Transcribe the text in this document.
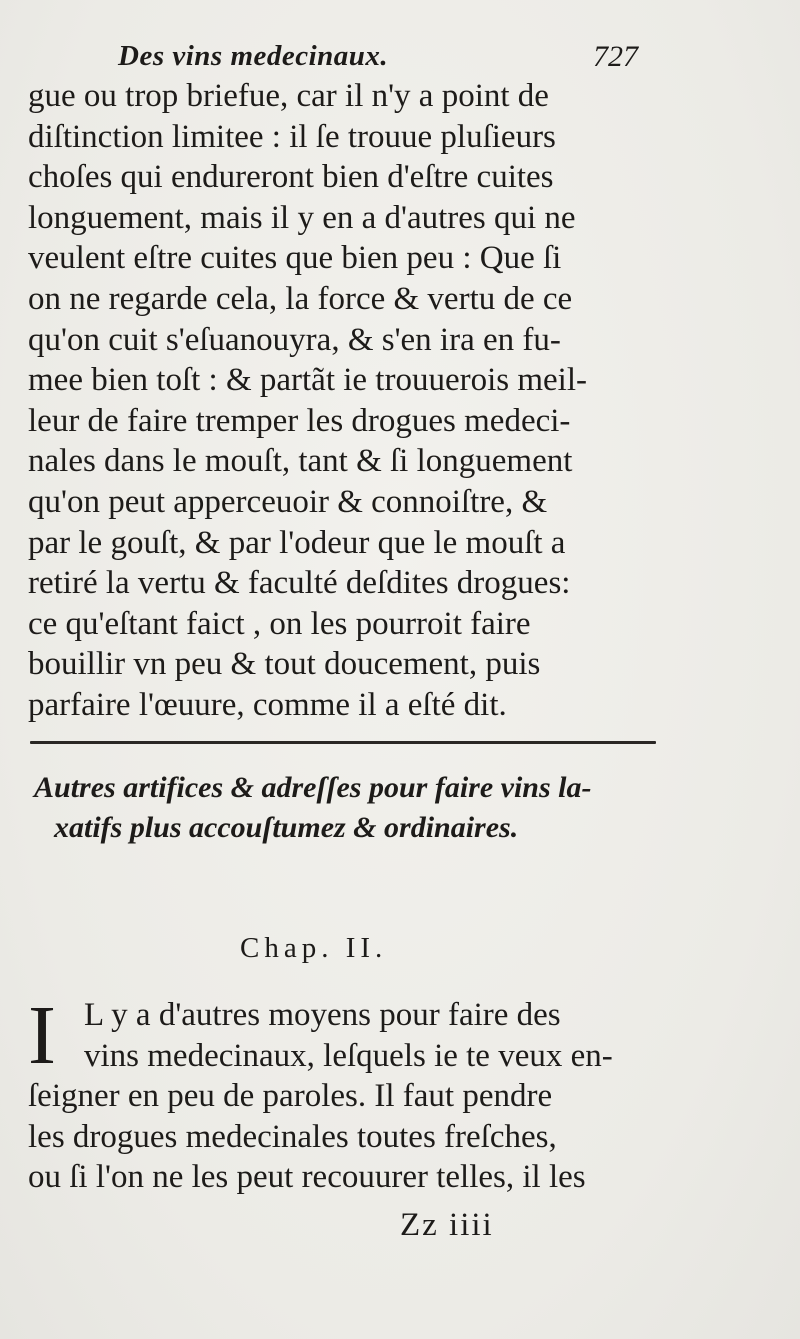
Des vins medecinaux.	727
gue ou trop briefue, car il n'y a point de
diſtinction limitee : il ſe trouue pluſieurs
choſes qui endureront bien d'eſtre cuites
longuement, mais il y en a d'autres qui ne
veulent eſtre cuites que bien peu : Que ſi
on ne regarde cela, la force & vertu de ce
qu'on cuit s'eſuanouyra, & s'en ira en fu-
mee bien toſt : & partãt ie trouuerois meil-
leur de faire tremper les drogues medeci-
nales dans le mouſt, tant & ſi longuement
qu'on peut apperceuoir & connoiſtre, &
par le gouſt, & par l'odeur que le mouſt a
retiré la vertu & faculté deſdites drogues:
ce qu'eſtant faict , on les pourroit faire
bouillir vn peu & tout doucement, puis
parfaire l'œuure, comme il a eſté dit.
Autres artifices & adreſſes pour faire vins la-
xatifs plus accouſtumez & ordinaires.
Chap. II.
I L y a d'autres moyens pour faire des
vins medecinaux, leſquels ie te veux en-
ſeigner en peu de paroles. Il faut pendre
les drogues medecinales toutes freſches,
ou ſi l'on ne les peut recouurer telles, il les
Zz iiii
